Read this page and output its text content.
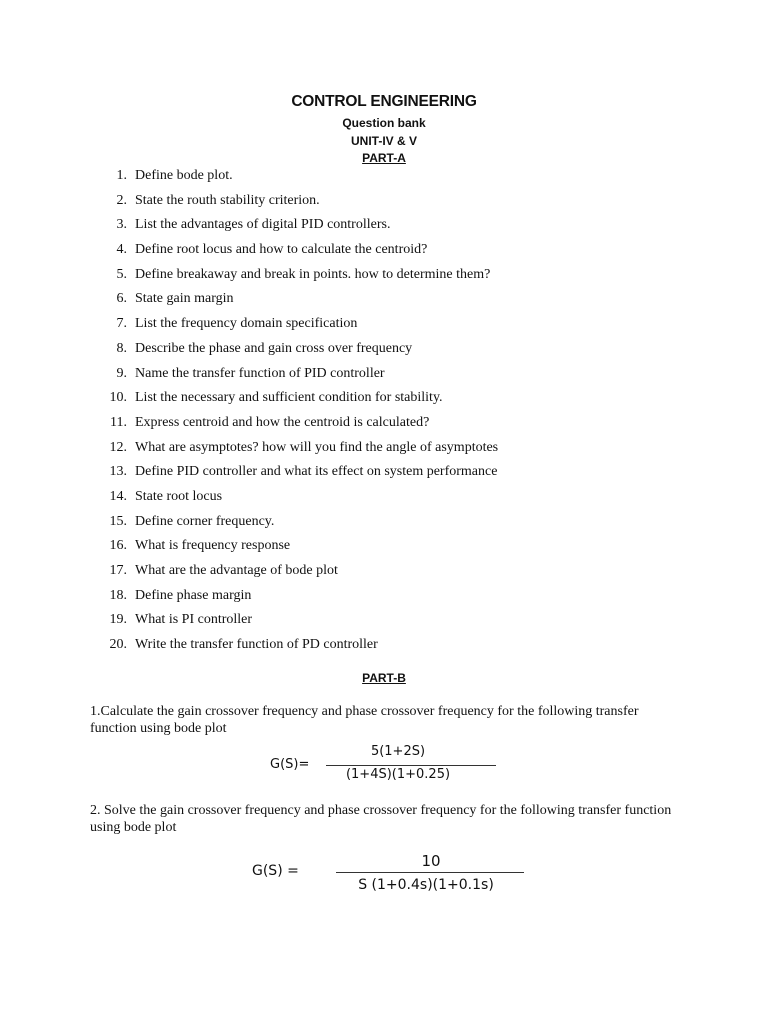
CONTROL ENGINEERING
Question bank
UNIT-IV & V
PART-A
1. Define bode plot.
2. State the routh stability criterion.
3. List the advantages of digital PID controllers.
4. Define root locus and how to calculate the centroid?
5. Define breakaway and break in points. how to determine them?
6. State gain margin
7. List the frequency domain specification
8. Describe the phase and gain cross over frequency
9. Name the transfer function of PID controller
10. List the necessary and sufficient condition for stability.
11. Express centroid and how the centroid is calculated?
12. What are asymptotes? how will you find the angle of asymptotes
13. Define PID controller and what its effect on system performance
14. State root locus
15. Define corner frequency.
16. What is frequency response
17. What are the advantage of bode plot
18. Define phase margin
19. What is PI controller
20. Write the transfer function of PD controller
PART-B
1.Calculate the gain crossover frequency and phase crossover frequency for the following transfer function using bode plot
G(S)=
5(1+2S)
(1+4S)(1+0.25)
2. Solve the gain crossover frequency and phase crossover frequency for the following transfer function using bode plot
G(S) =
10
S (1+0.4s)(1+0.1s)
